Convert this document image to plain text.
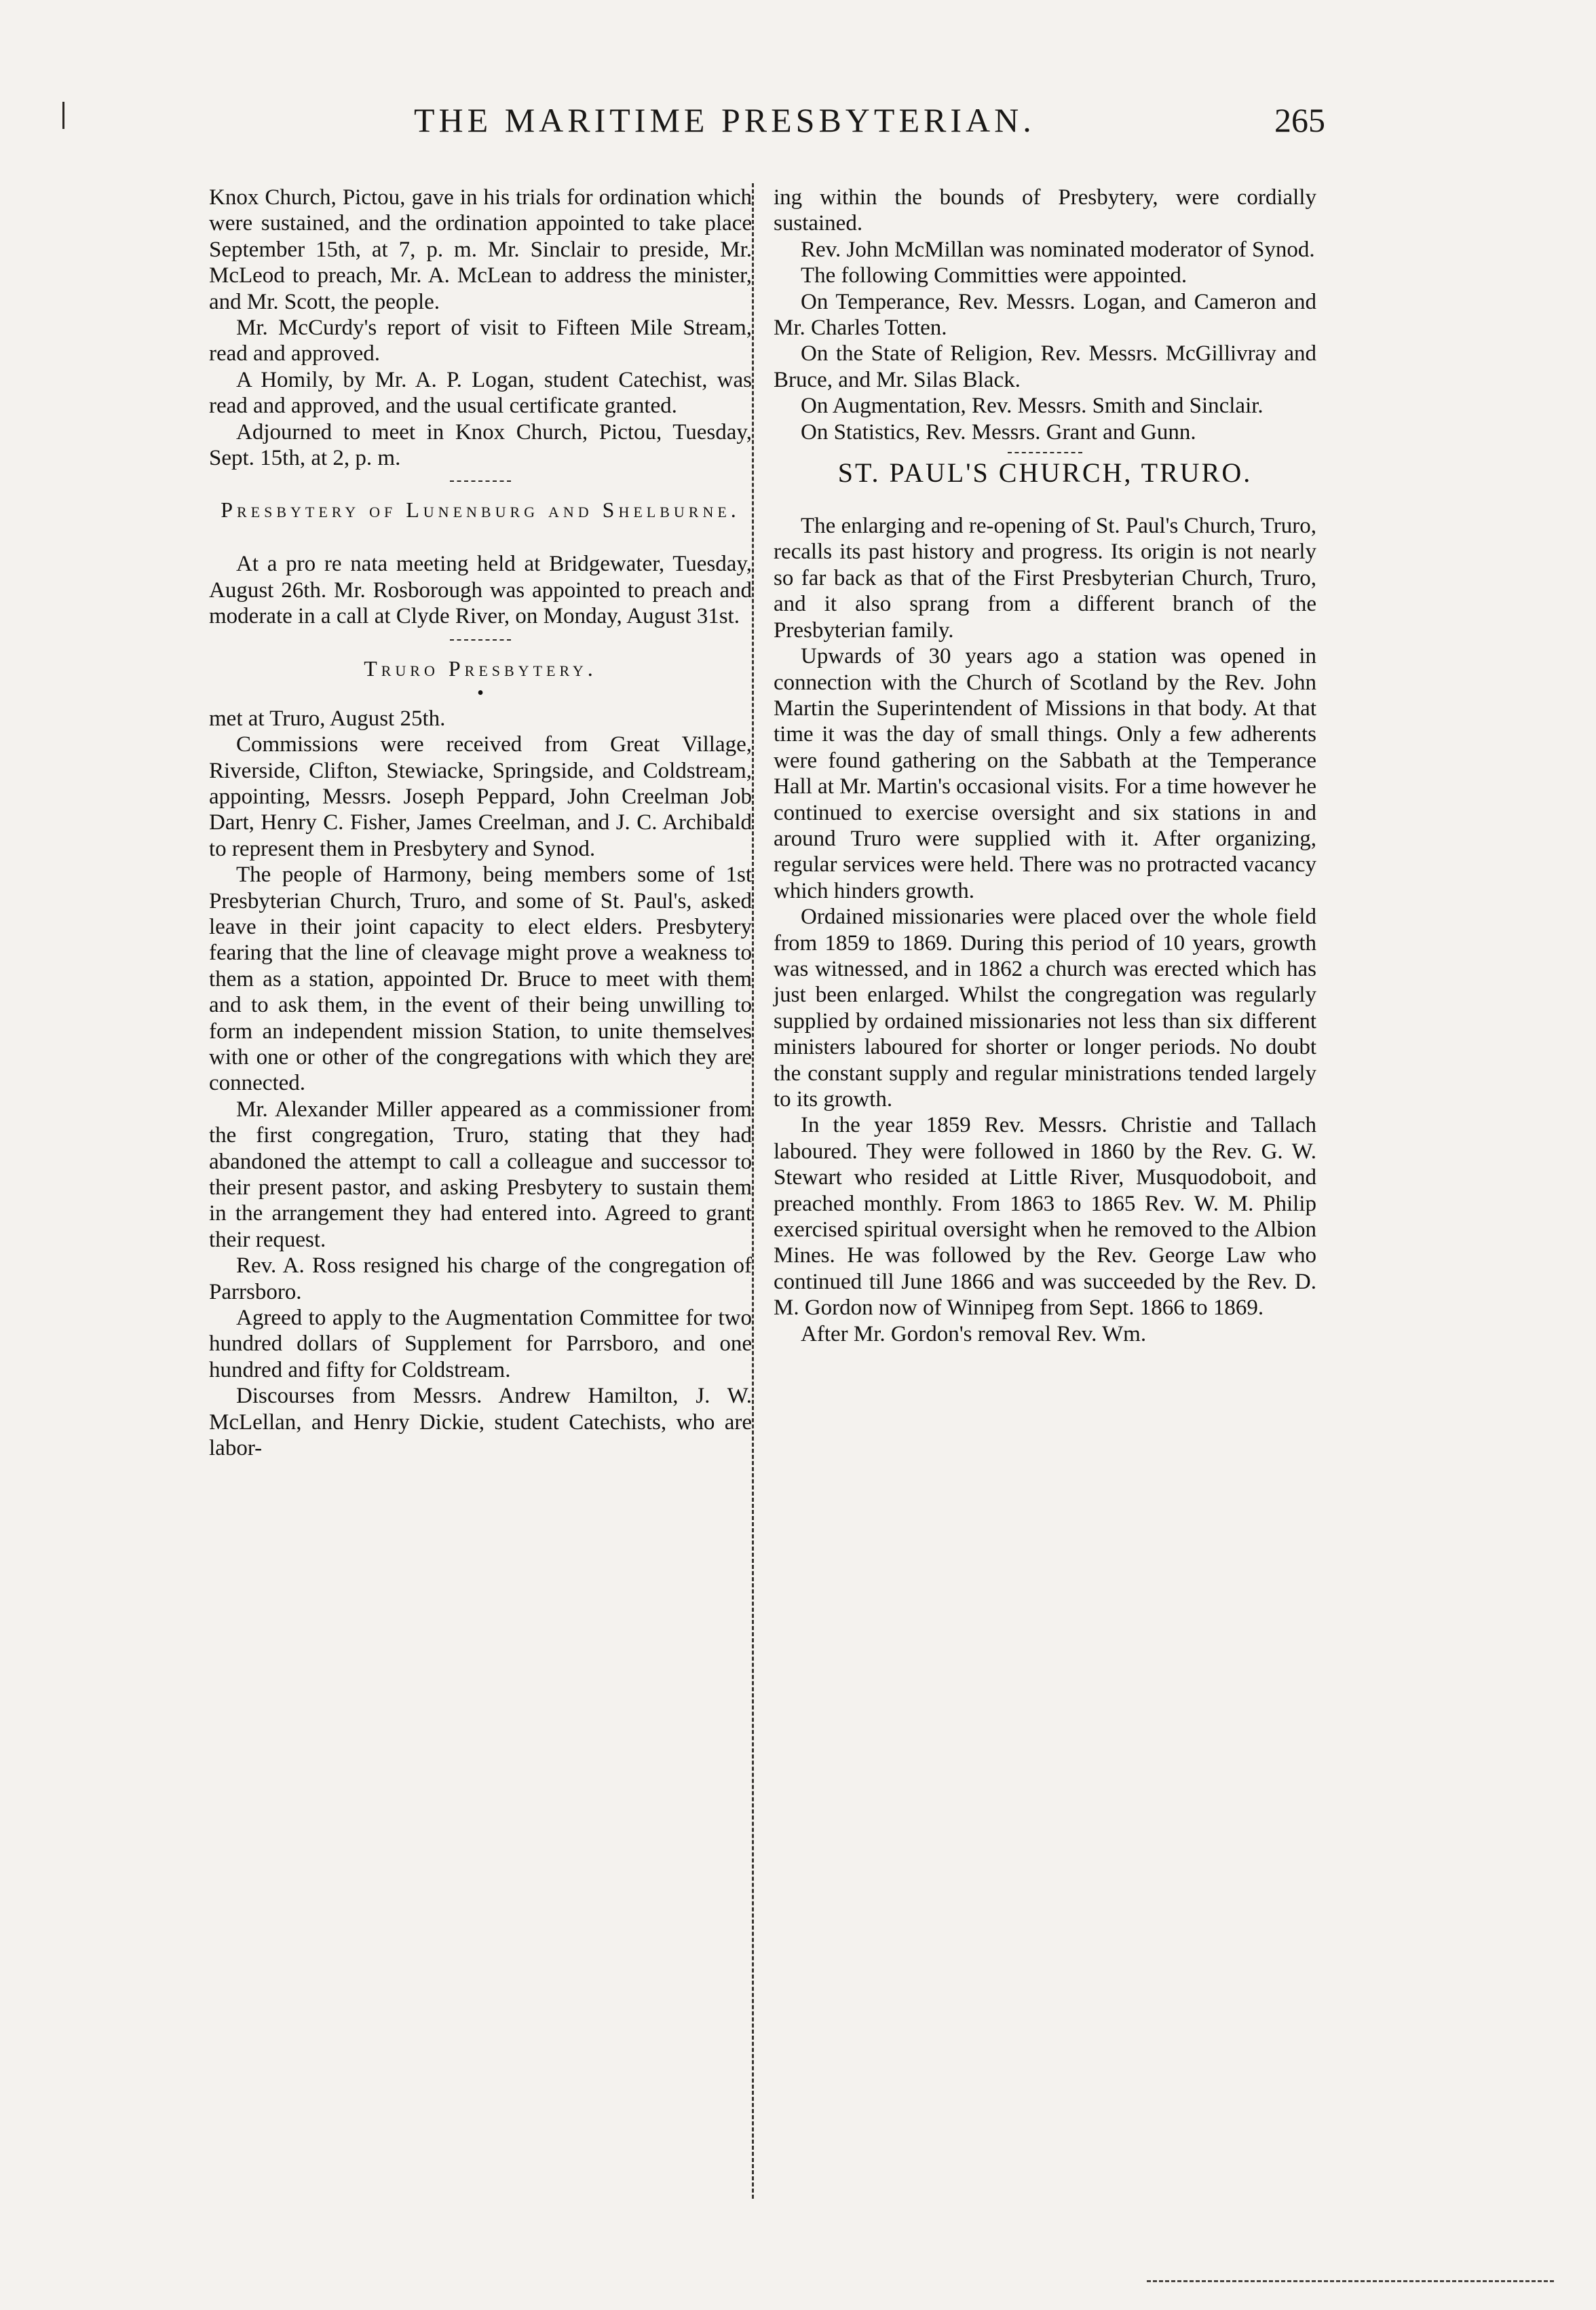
THE MARITIME PRESBYTERIAN.	265

Knox Church, Pictou, gave in his trials for ordination which were sustained, and the ordination appointed to take place September 15th, at 7, p. m. Mr. Sinclair to preside, Mr. McLeod to preach, Mr. A. McLean to address the minister, and Mr. Scott, the people.

Mr. McCurdy's report of visit to Fifteen Mile Stream, read and approved.

A Homily, by Mr. A. P. Logan, student Catechist, was read and approved, and the usual certificate granted.

Adjourned to meet in Knox Church, Pictou, Tuesday, Sept. 15th, at 2, p. m.

Presbytery of Lunenburg and Shelburne.

At a pro re nata meeting held at Bridgewater, Tuesday, August 26th. Mr. Rosborough was appointed to preach and moderate in a call at Clyde River, on Monday, August 31st.

Truro Presbytery.

•

met at Truro, August 25th.

Commissions were received from Great Village, Riverside, Clifton, Stewiacke, Springside, and Coldstream, appointing, Messrs. Joseph Peppard, John Creelman Job Dart, Henry C. Fisher, James Creelman, and J. C. Archibald to represent them in Presbytery and Synod.

The people of Harmony, being members some of 1st Presbyterian Church, Truro, and some of St. Paul's, asked leave in their joint capacity to elect elders. Presbytery fearing that the line of cleavage might prove a weakness to them as a station, appointed Dr. Bruce to meet with them and to ask them, in the event of their being unwilling to form an independent mission Station, to unite themselves with one or other of the congregations with which they are connected.

Mr. Alexander Miller appeared as a commissioner from the first congregation, Truro, stating that they had abandoned the attempt to call a colleague and successor to their present pastor, and asking Presbytery to sustain them in the arrangement they had entered into. Agreed to grant their request.

Rev. A. Ross resigned his charge of the congregation of Parrsboro.

Agreed to apply to the Augmentation Committee for two hundred dollars of Supplement for Parrsboro, and one hundred and fifty for Coldstream.

Discourses from Messrs. Andrew Hamilton, J. W. McLellan, and Henry Dickie, student Catechists, who are labor-

ing within the bounds of Presbytery, were cordially sustained.

Rev. John McMillan was nominated moderator of Synod.

The following Committies were appointed.

On Temperance, Rev. Messrs. Logan, and Cameron and Mr. Charles Totten.

On the State of Religion, Rev. Messrs. McGillivray and Bruce, and Mr. Silas Black.

On Augmentation, Rev. Messrs. Smith and Sinclair.

On Statistics, Rev. Messrs. Grant and Gunn.

ST. PAUL'S CHURCH, TRURO.

The enlarging and re-opening of St. Paul's Church, Truro, recalls its past history and progress. Its origin is not nearly so far back as that of the First Presbyterian Church, Truro, and it also sprang from a different branch of the Presbyterian family.

Upwards of 30 years ago a station was opened in connection with the Church of Scotland by the Rev. John Martin the Superintendent of Missions in that body. At that time it was the day of small things. Only a few adherents were found gathering on the Sabbath at the Temperance Hall at Mr. Martin's occasional visits. For a time however he continued to exercise oversight and six stations in and around Truro were supplied with it. After organizing, regular services were held. There was no protracted vacancy which hinders growth.

Ordained missionaries were placed over the whole field from 1859 to 1869. During this period of 10 years, growth was witnessed, and in 1862 a church was erected which has just been enlarged. Whilst the congregation was regularly supplied by ordained missionaries not less than six different ministers laboured for shorter or longer periods. No doubt the constant supply and regular ministrations tended largely to its growth.

In the year 1859 Rev. Messrs. Christie and Tallach laboured. They were followed in 1860 by the Rev. G. W. Stewart who resided at Little River, Musquodoboit, and preached monthly. From 1863 to 1865 Rev. W. M. Philip exercised spiritual oversight when he removed to the Albion Mines. He was followed by the Rev. George Law who continued till June 1866 and was succeeded by the Rev. D. M. Gordon now of Winnipeg from Sept. 1866 to 1869.

After Mr. Gordon's removal Rev. Wm.
